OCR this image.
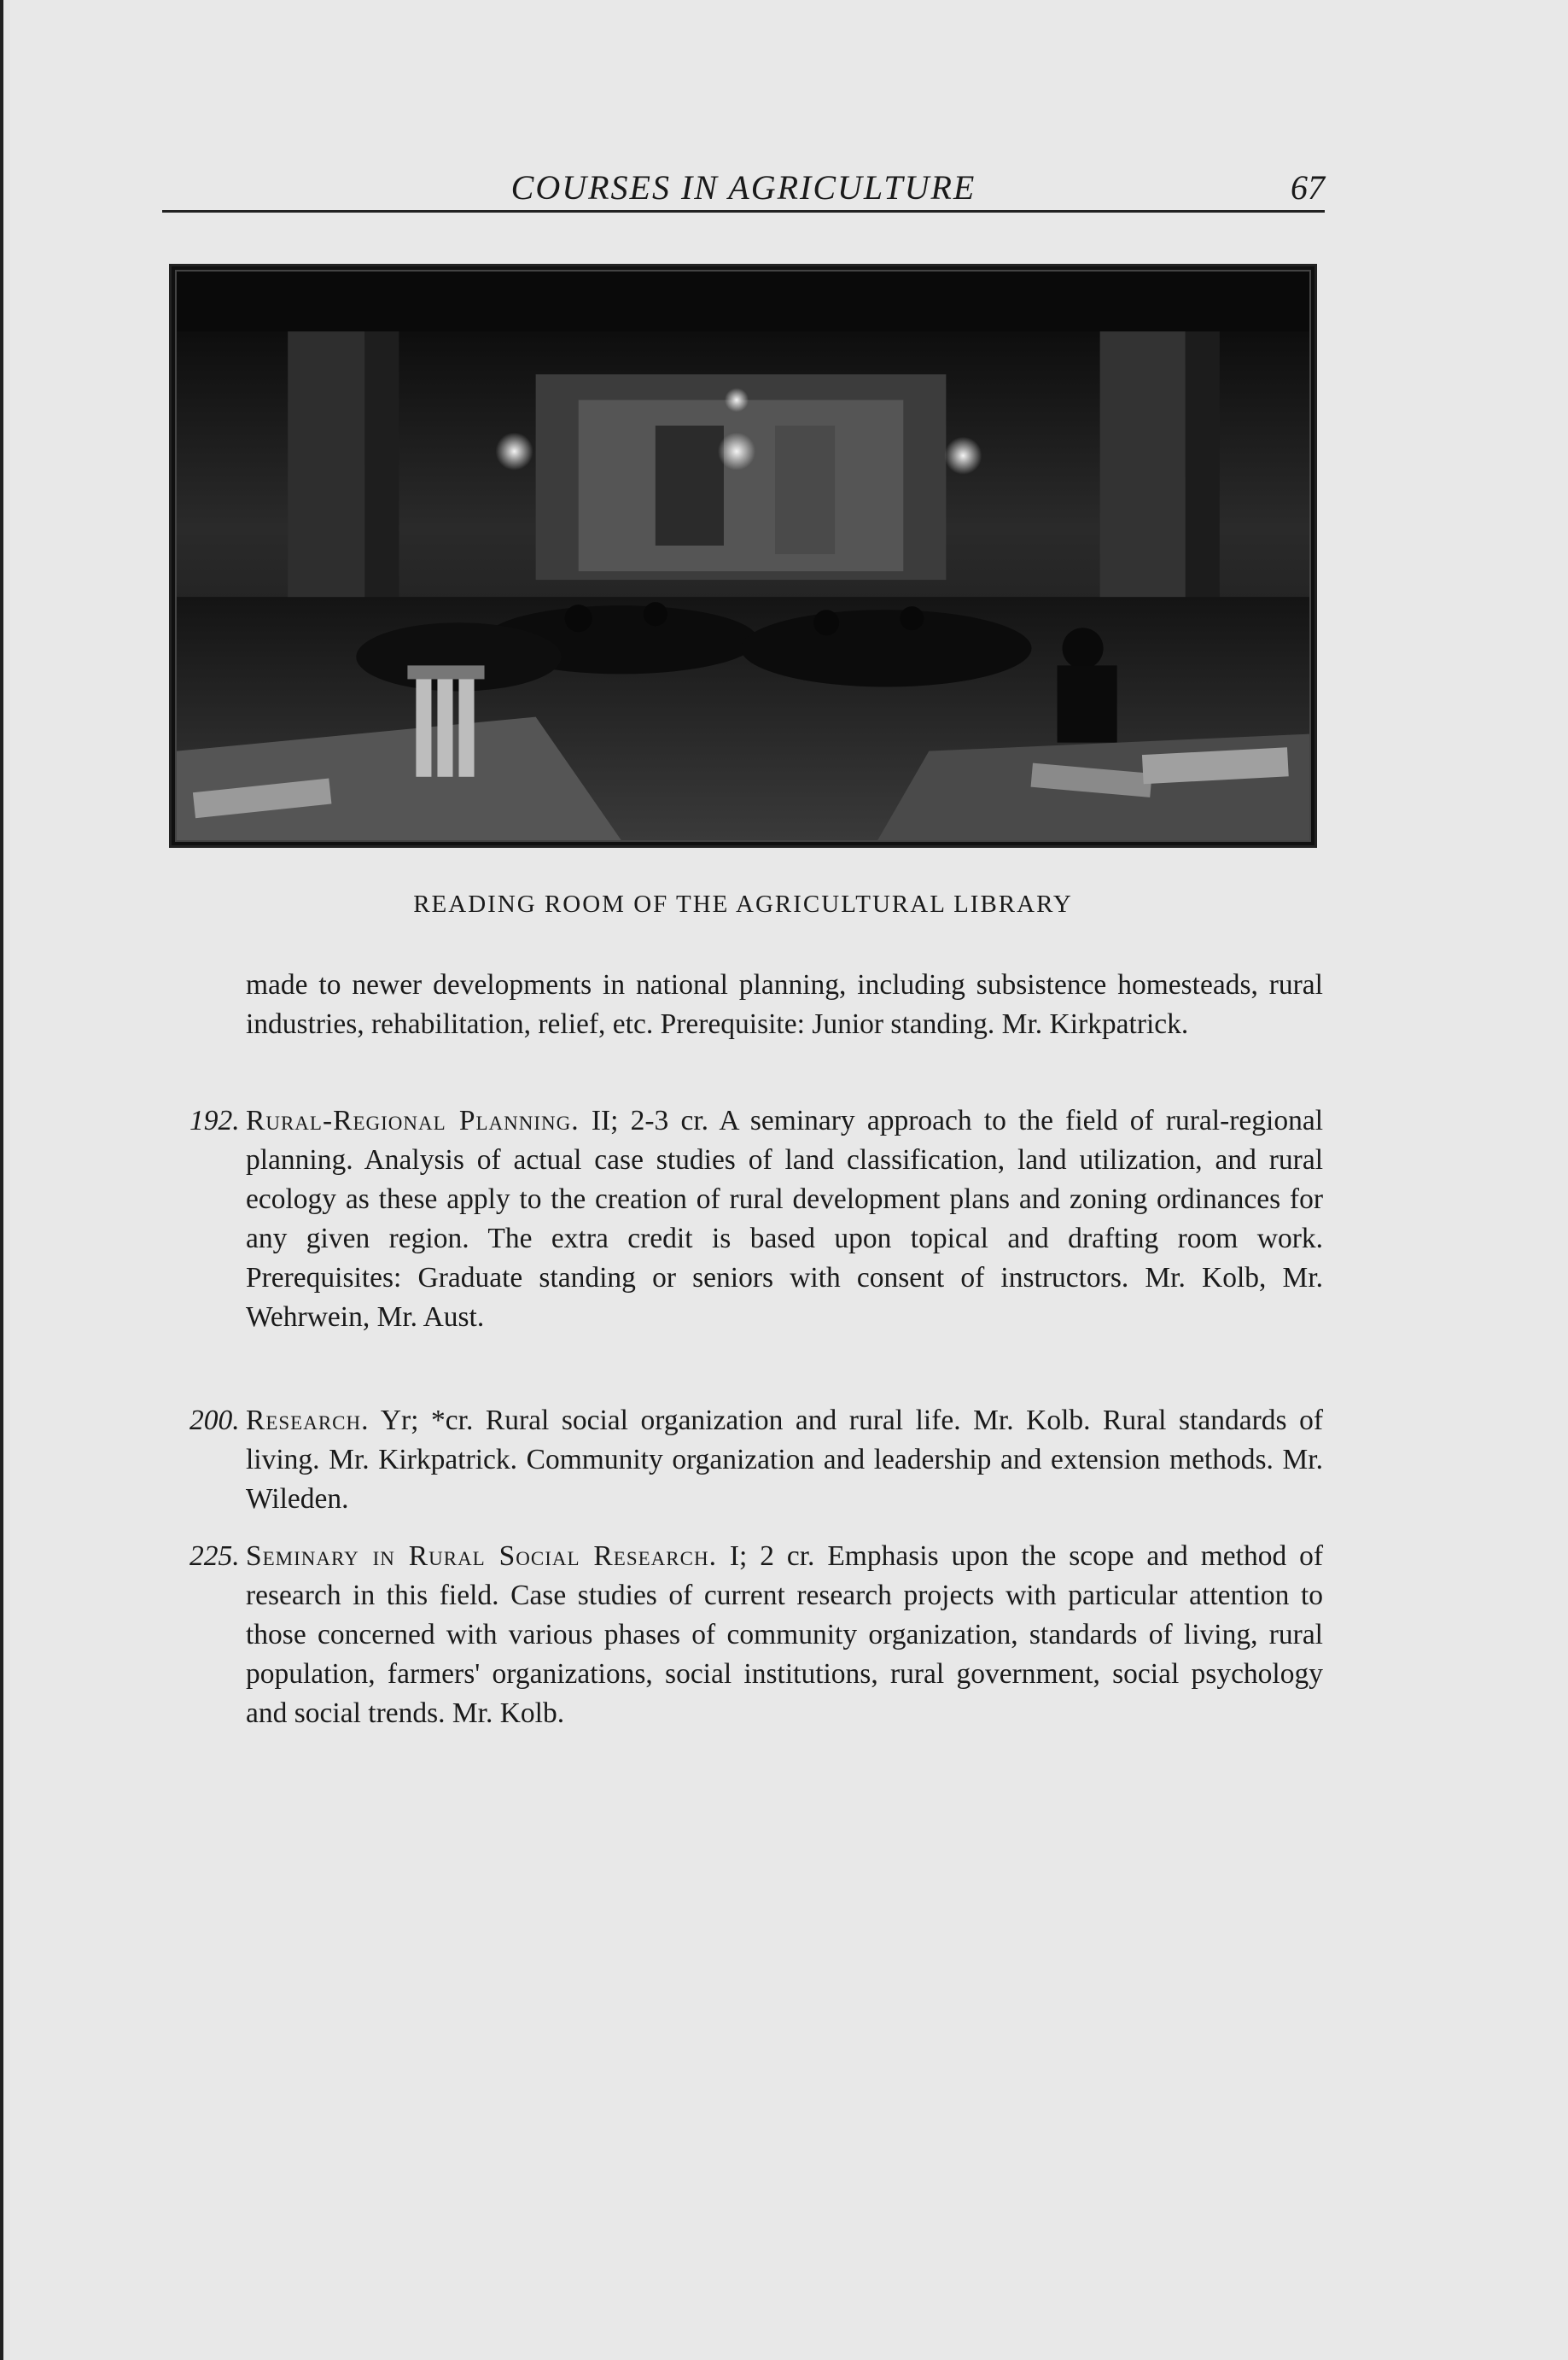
COURSES IN AGRICULTURE	67
READING ROOM OF THE AGRICULTURAL LIBRARY
made to newer developments in national planning, including subsistence homesteads, rural industries, rehabilitation, relief, etc. Prerequisite: Junior standing. Mr. Kirkpatrick.
192. Rural-Regional Planning. II; 2-3 cr. A seminary approach to the field of rural-regional planning. Analysis of actual case studies of land classification, land utilization, and rural ecology as these apply to the creation of rural development plans and zoning ordinances for any given region. The extra credit is based upon topical and drafting room work. Prerequisites: Graduate standing or seniors with consent of instructors. Mr. Kolb, Mr. Wehrwein, Mr. Aust.
200. Research. Yr; *cr. Rural social organization and rural life. Mr. Kolb. Rural standards of living. Mr. Kirkpatrick. Community organization and leadership and extension methods. Mr. Wileden.
225. Seminary in Rural Social Research. I; 2 cr. Emphasis upon the scope and method of research in this field. Case studies of current research projects with particular attention to those concerned with various phases of community organization, standards of living, rural population, farmers' organizations, social institutions, rural government, social psychology and social trends. Mr. Kolb.
